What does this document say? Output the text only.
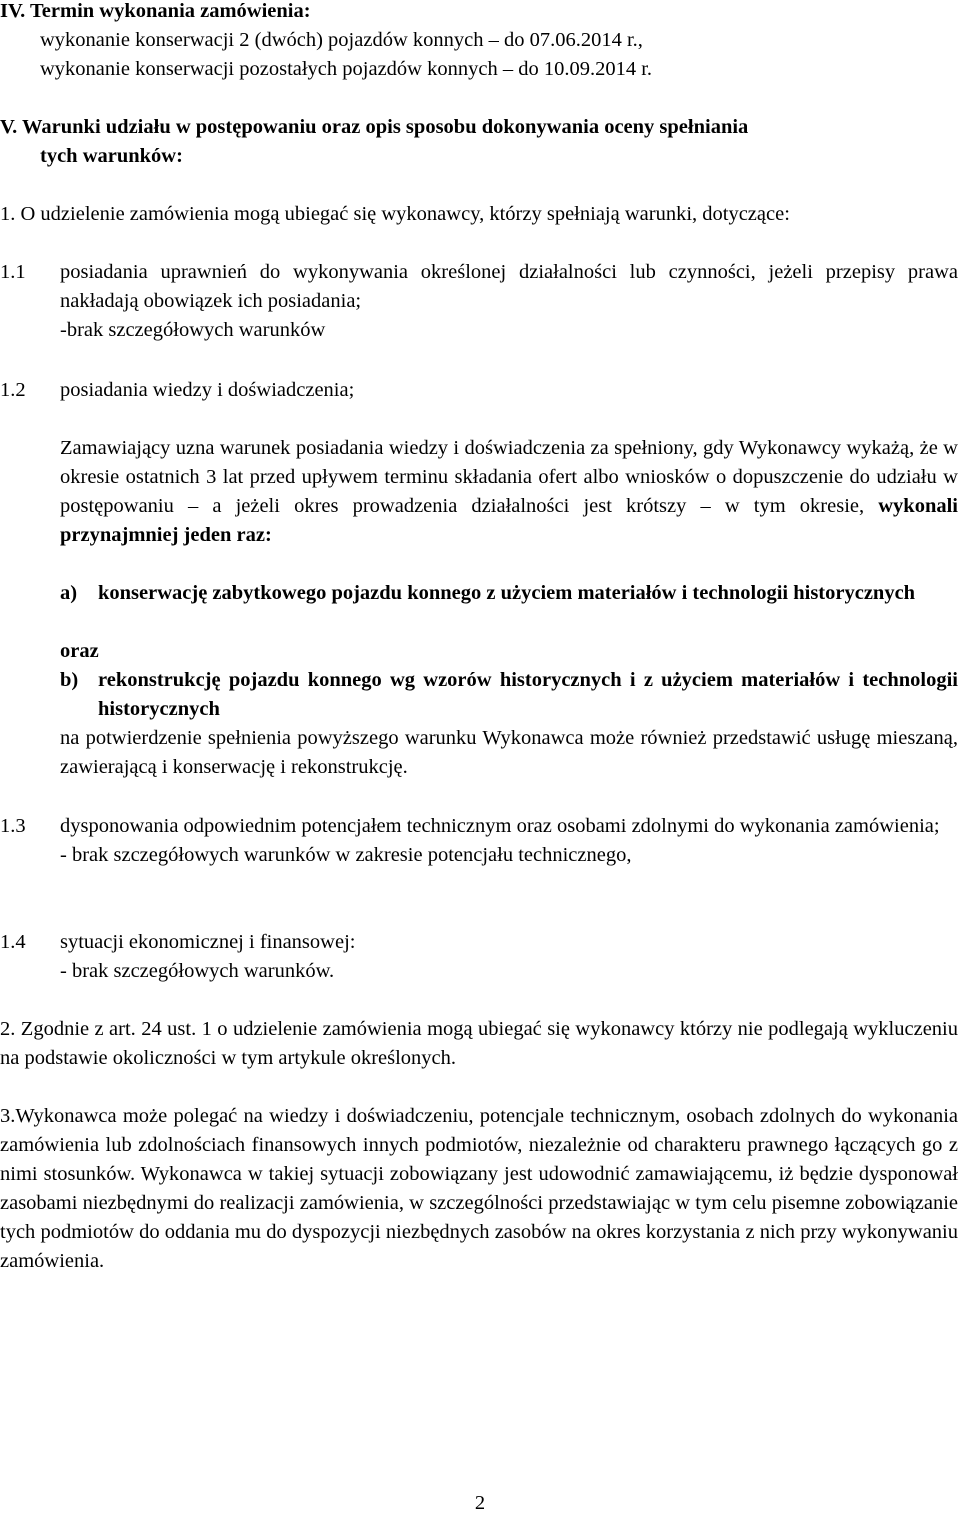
IV. Termin wykonania zamówienia:
wykonanie konserwacji 2 (dwóch) pojazdów konnych – do 07.06.2014 r.,
wykonanie konserwacji pozostałych pojazdów konnych – do 10.09.2014 r.
V. Warunki udziału w postępowaniu oraz opis sposobu dokonywania oceny spełniania
tych warunków:
1. O udzielenie zamówienia mogą ubiegać się wykonawcy, którzy spełniają warunki, dotyczące:
1.1	posiadania uprawnień do wykonywania określonej działalności lub czynności, jeżeli przepisy prawa nakładają obowiązek ich posiadania;
-brak szczegółowych warunków
1.2	posiadania wiedzy i doświadczenia;
Zamawiający uzna warunek posiadania wiedzy i doświadczenia za spełniony, gdy Wykonawcy wykażą, że w okresie ostatnich 3 lat przed upływem terminu składania ofert albo wniosków o dopuszczenie do udziału w postępowaniu – a jeżeli okres prowadzenia działalności jest krótszy – w tym okresie, wykonali przynajmniej jeden raz:
a)	konserwację zabytkowego pojazdu konnego z użyciem materiałów i technologii historycznych
oraz
b) rekonstrukcję pojazdu konnego wg wzorów historycznych i z użyciem materiałów i technologii historycznych
na potwierdzenie spełnienia powyższego warunku Wykonawca może również przedstawić usługę mieszaną, zawierającą i konserwację i rekonstrukcję.
1.3	dysponowania odpowiednim potencjałem technicznym oraz osobami zdolnymi do wykonania zamówienia;
- brak szczegółowych warunków w zakresie potencjału technicznego,
1.4	sytuacji ekonomicznej i finansowej:
- brak szczegółowych warunków.
2. Zgodnie z art. 24 ust. 1 o udzielenie zamówienia mogą ubiegać się wykonawcy którzy nie podlegają wykluczeniu na podstawie okoliczności w tym artykule określonych.
3.Wykonawca może polegać na wiedzy i doświadczeniu, potencjale technicznym, osobach zdolnych do wykonania zamówienia lub zdolnościach finansowych innych podmiotów, niezależnie od charakteru prawnego łączących go z nimi stosunków. Wykonawca w takiej sytuacji zobowiązany jest udowodnić zamawiającemu, iż będzie dysponował zasobami niezbędnymi do realizacji zamówienia, w szczególności przedstawiając w tym celu pisemne zobowiązanie tych podmiotów do oddania mu do dyspozycji niezbędnych zasobów na okres korzystania z nich przy wykonywaniu zamówienia.
2
